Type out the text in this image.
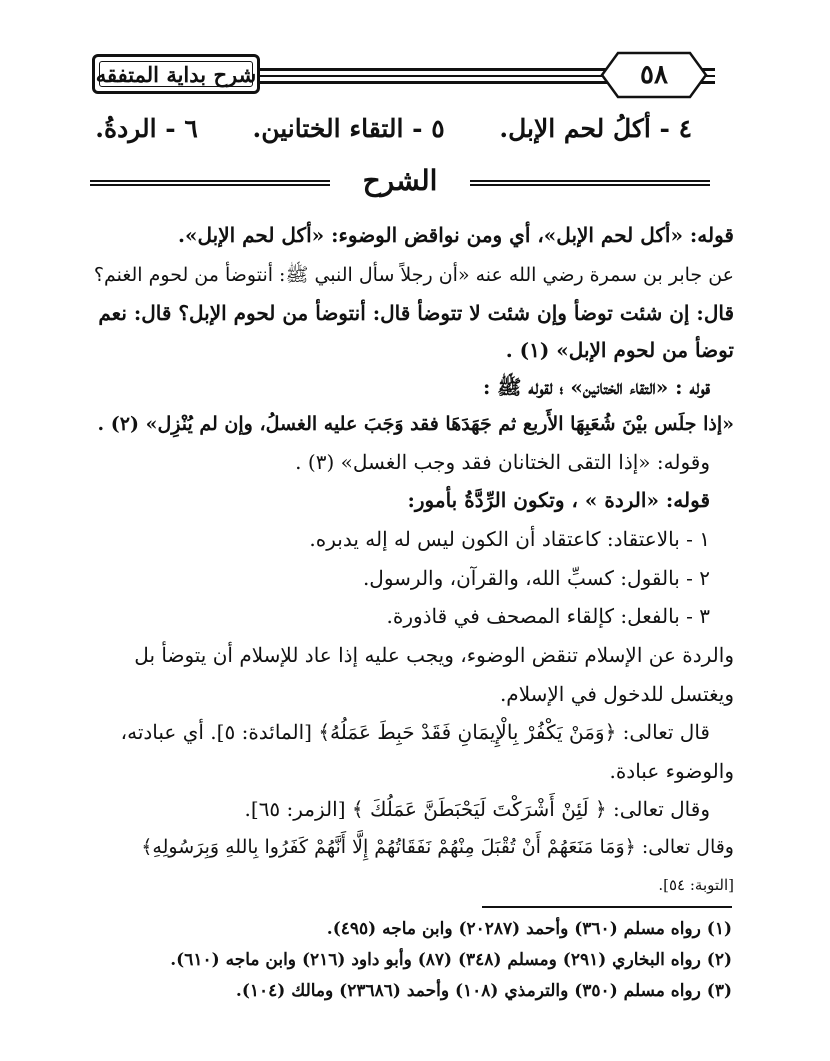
شرح بداية المتفقه	٥٨
٤ - أكلُ لحم الإبل. ٥ - التقاء الختانين. ٦ - الردةُ.
الشرح
قوله: «أكل لحم الإبل»، أي ومن نواقض الوضوء: «أكل لحم الإبل».
عن جابر بن سمرة رضي الله عنه «أن رجلاً سأل النبي ﷺ: أنتوضأ من لحوم الغنم؟
قال: إن شئت توضأ وإن شئت لا تتوضأ قال: أنتوضأ من لحوم الإبل؟ قال: نعم
توضأ من لحوم الإبل» (١) .
قوله : «التقاء الختانين» ؛ لقوله ﷺ :
«إذا جلَس بيْنَ شُعَبِهَا الأَربع ثم جَهَدَهَا فقد وَجَبَ عليه الغسلُ، وإن لم يُنْزِل» (٢) .
وقوله: «إذا التقى الختانان فقد وجب الغسل» (٣) .
قوله: «الردة » ، وتكون الرِّدَّةُ بأمور:
١ - بالاعتقاد: كاعتقاد أن الكون ليس له إله يدبره.
٢ - بالقول: كسبِّ الله، والقرآن، والرسول.
٣ - بالفعل: كإلقاء المصحف في قاذورة.
والردة عن الإسلام تنقض الوضوء، ويجب عليه إذا عاد للإسلام أن يتوضأ بل
ويغتسل للدخول في الإسلام.
قال تعالى: ﴿وَمَنْ يَكْفُرْ بِالْإِيمَانِ فَقَدْ حَبِطَ عَمَلُهُ﴾ [المائدة: ٥]. أي عبادته،
والوضوء عبادة.
وقال تعالى: ﴿ لَئِنْ أَشْرَكْتَ لَيَحْبَطَنَّ عَمَلُكَ ﴾ [الزمر: ٦٥].
وقال تعالى: ﴿وَمَا مَنَعَهُمْ أَنْ تُقْبَلَ مِنْهُمْ نَفَقَاتُهُمْ إِلَّا أَنَّهُمْ كَفَرُوا بِاللهِ وَبِرَسُولِهِ﴾
[التوبة: ٥٤].
(١) رواه مسلم (٣٦٠) وأحمد (٢٠٢٨٧) وابن ماجه (٤٩٥).
(٢) رواه البخاري (٢٩١) ومسلم (٣٤٨) (٨٧) وأبو داود (٢١٦) وابن ماجه (٦١٠).
(٣) رواه مسلم (٣٥٠) والترمذي (١٠٨) وأحمد (٢٣٦٨٦) ومالك (١٠٤).
